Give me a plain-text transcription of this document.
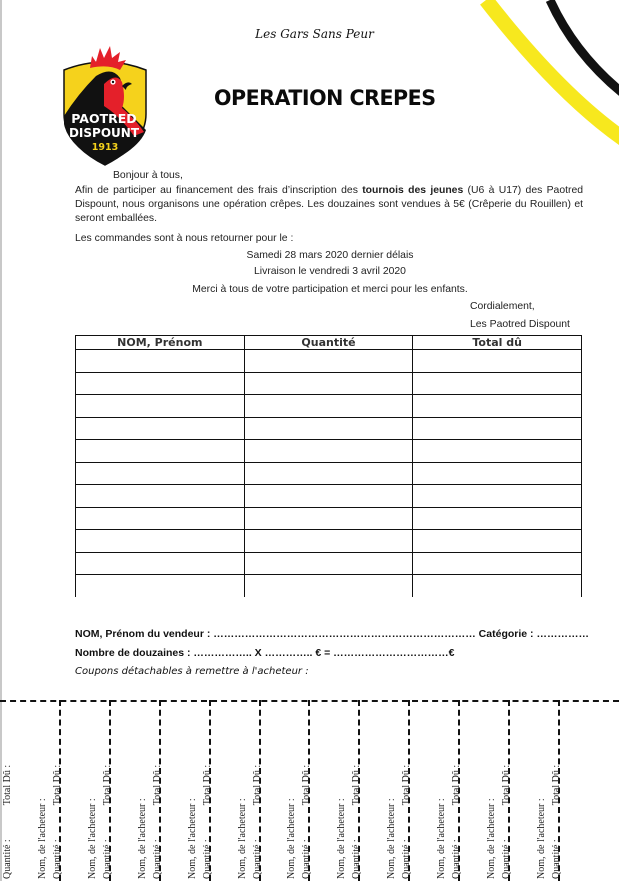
Les Gars Sans Peur
PAOTRED
DISPOUNT
1913
OPERATION CREPES
Bonjour à tous,
Afin de participer au financement des frais d’inscription des tournois des jeunes (U6 à U17) des Paotred Dispount, nous organisons une opération crêpes. Les douzaines sont vendues à 5€ (Crêperie du Rouillen) et seront emballées.
Les commandes sont à nous retourner pour le :
Samedi 28 mars 2020 dernier délais
Livraison le vendredi 3 avril 2020
Merci à tous de votre participation et merci pour les enfants.
Cordialement,
Les Paotred Dispount
NOM, Prénom	Quantité	Total dû

NOM, Prénom du vendeur : ………………………………………………………………… Catégorie : ……………
Nombre de douzaines : …………….. X ………….. € = ……………………………€
Coupons détachables à remettre à l'acheteur :
Quantité :Total Dû :
Nom, de l'acheteur : Quantité :Total Dû :
Nom, de l'acheteur : Quantité :Total Dû :
Nom, de l'acheteur : Quantité :Total Dû :
Nom, de l'acheteur : Quantité :Total Dû :
Nom, de l'acheteur : Quantité :Total Dû :
Nom, de l'acheteur : Quantité :Total Dû :
Nom, de l'acheteur : Quantité :Total Dû :
Nom, de l'acheteur : Quantité :Total Dû :
Nom, de l'acheteur : Quantité :Total Dû :
Nom, de l'acheteur : Quantité :Total Dû :
Nom, de l'acheteur : Quantité :Total Dû :
